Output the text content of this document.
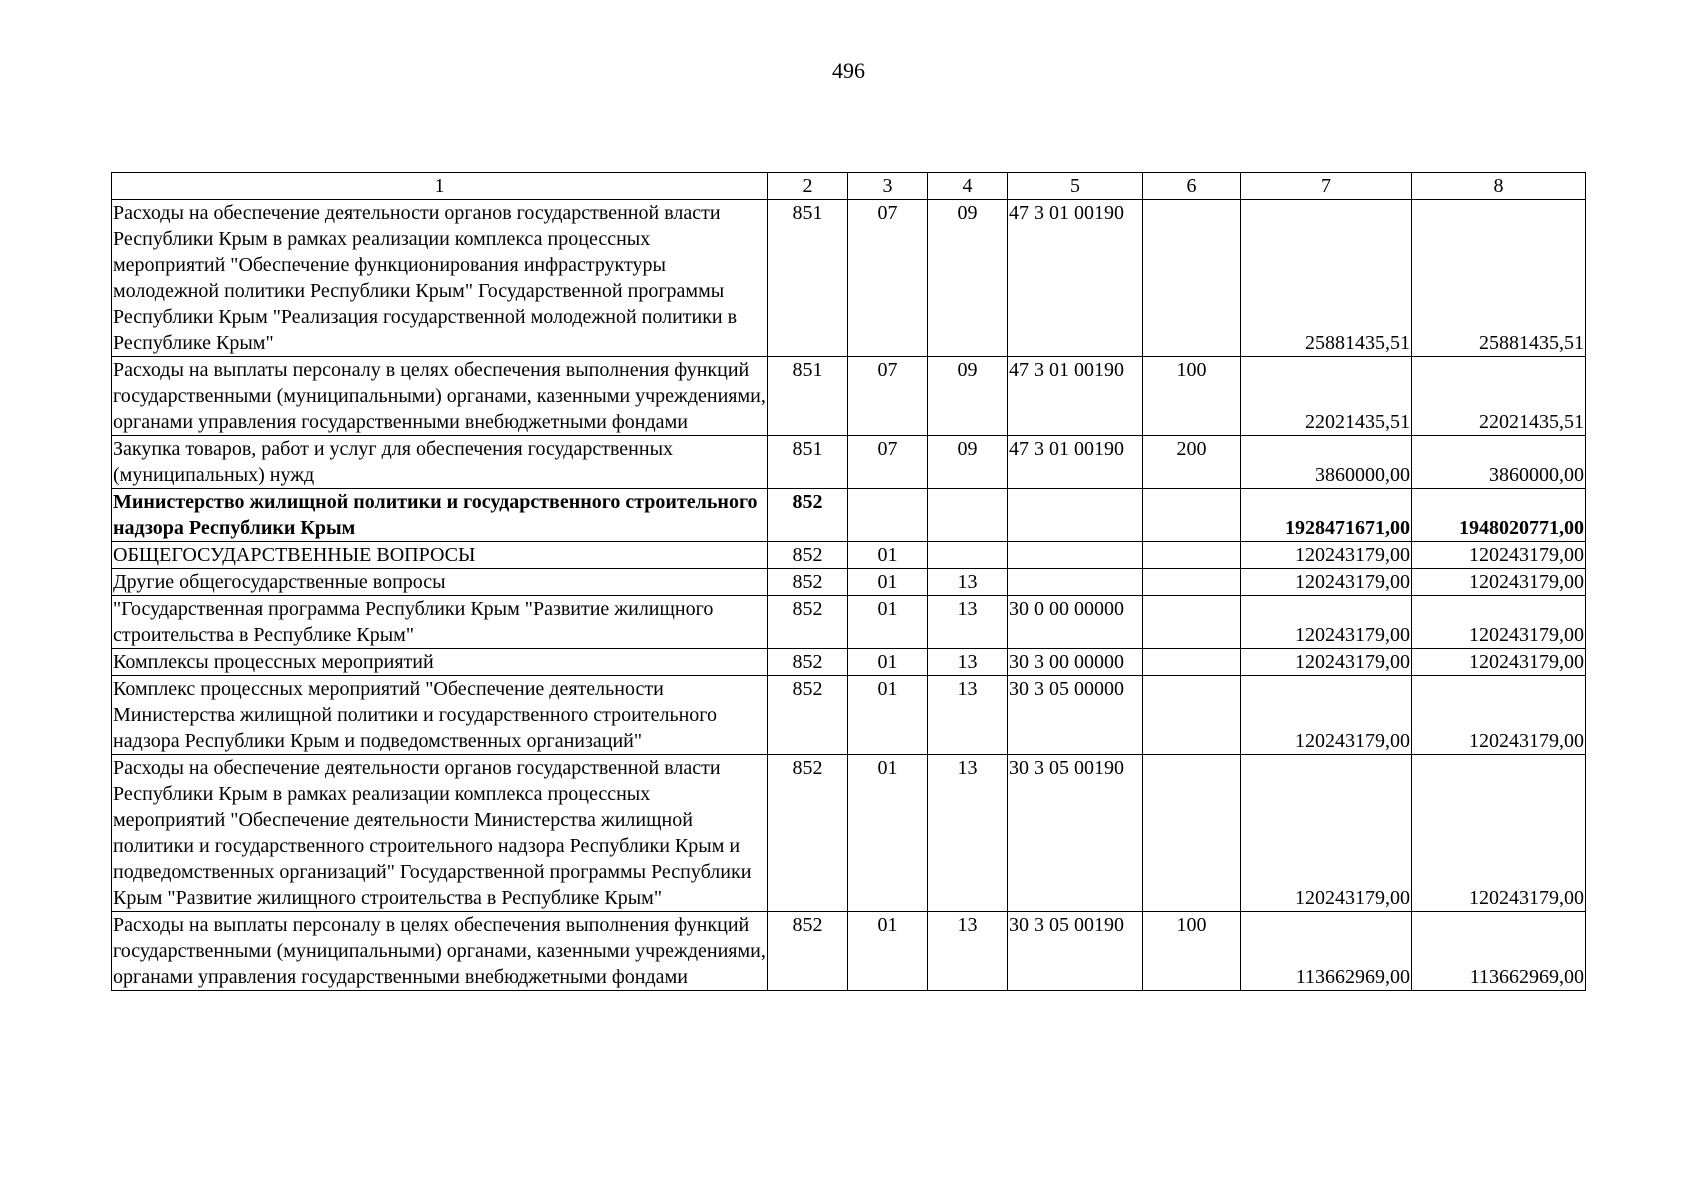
496
1	2	3	4	5	6	7	8
Расходы на обеспечение деятельности органов государственной власти Республики Крым в рамках реализации комплекса процессных мероприятий "Обеспечение функционирования инфраструктуры молодежной политики Республики Крым" Государственной программы Республики Крым "Реализация государственной молодежной политики в Республике Крым"	851	07	09	47 3 01 00190		25881435,51	25881435,51
Расходы на выплаты персоналу в целях обеспечения выполнения функций государственными (муниципальными) органами, казенными учреждениями, органами управления государственными внебюджетными фондами	851	07	09	47 3 01 00190	100	22021435,51	22021435,51
Закупка товаров, работ и услуг для обеспечения государственных (муниципальных) нужд	851	07	09	47 3 01 00190	200	3860000,00	3860000,00
Министерство жилищной политики и государственного строительного надзора Республики Крым	852					1928471671,00	1948020771,00
ОБЩЕГОСУДАРСТВЕННЫЕ ВОПРОСЫ	852	01				120243179,00	120243179,00
Другие общегосударственные вопросы	852	01	13			120243179,00	120243179,00
"Государственная программа Республики Крым "Развитие жилищного строительства в Республике Крым"	852	01	13	30 0 00 00000		120243179,00	120243179,00
Комплексы процессных мероприятий	852	01	13	30 3 00 00000		120243179,00	120243179,00
Комплекс процессных мероприятий "Обеспечение деятельности Министерства жилищной политики и государственного строительного надзора Республики Крым и подведомственных организаций"	852	01	13	30 3 05 00000		120243179,00	120243179,00
Расходы на обеспечение деятельности органов государственной власти Республики Крым в рамках реализации комплекса процессных мероприятий "Обеспечение деятельности Министерства жилищной политики и государственного строительного надзора Республики Крым и подведомственных организаций" Государственной программы Республики Крым "Развитие жилищного строительства в Республике Крым"	852	01	13	30 3 05 00190		120243179,00	120243179,00
Расходы на выплаты персоналу в целях обеспечения выполнения функций государственными (муниципальными) органами, казенными учреждениями, органами управления государственными внебюджетными фондами	852	01	13	30 3 05 00190	100	113662969,00	113662969,00
